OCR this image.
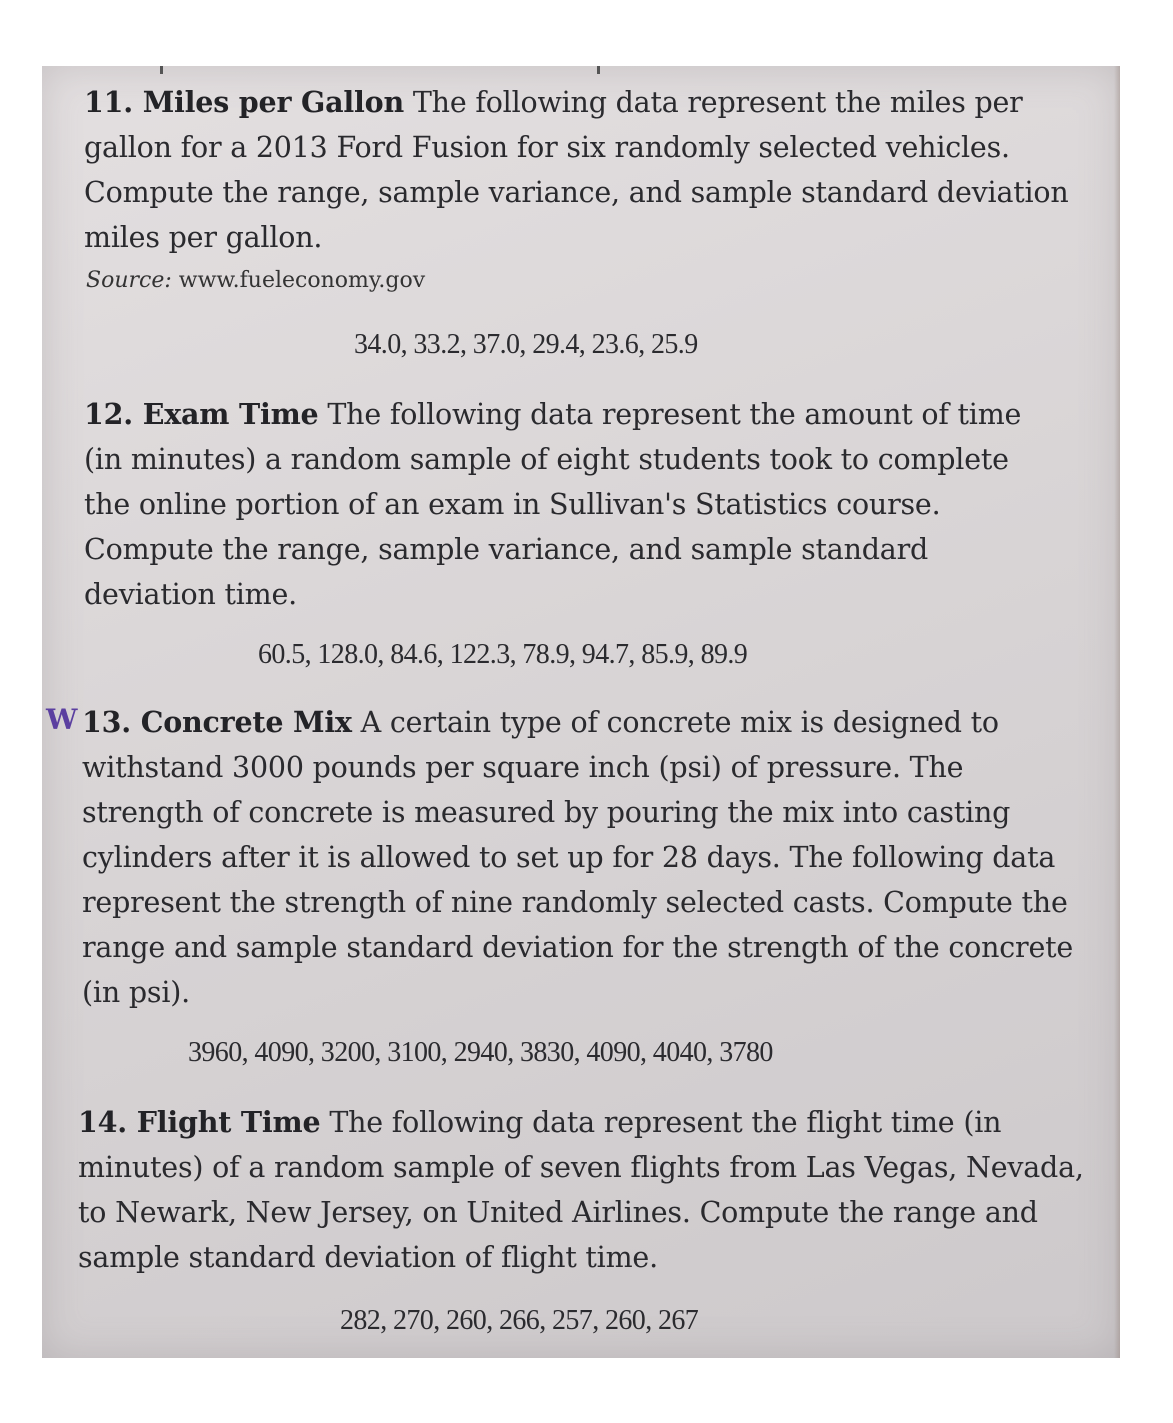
11. Miles per Gallon The following data represent the miles per gallon for a 2013 Ford Fusion for six randomly selected vehicles. Compute the range, sample variance, and sample standard deviation miles per gallon.
Source: www.fueleconomy.gov
34.0, 33.2, 37.0, 29.4, 23.6, 25.9
12. Exam Time The following data represent the amount of time (in minutes) a random sample of eight students took to complete the online portion of an exam in Sullivan's Statistics course. Compute the range, sample variance, and sample standard deviation time.
60.5, 128.0, 84.6, 122.3, 78.9, 94.7, 85.9, 89.9
W 13. Concrete Mix A certain type of concrete mix is designed to withstand 3000 pounds per square inch (psi) of pressure. The strength of concrete is measured by pouring the mix into casting cylinders after it is allowed to set up for 28 days. The following data represent the strength of nine randomly selected casts. Compute the range and sample standard deviation for the strength of the concrete (in psi).
3960, 4090, 3200, 3100, 2940, 3830, 4090, 4040, 3780
14. Flight Time The following data represent the flight time (in minutes) of a random sample of seven flights from Las Vegas, Nevada, to Newark, New Jersey, on United Airlines. Compute the range and sample standard deviation of flight time.
282, 270, 260, 266, 257, 260, 267
